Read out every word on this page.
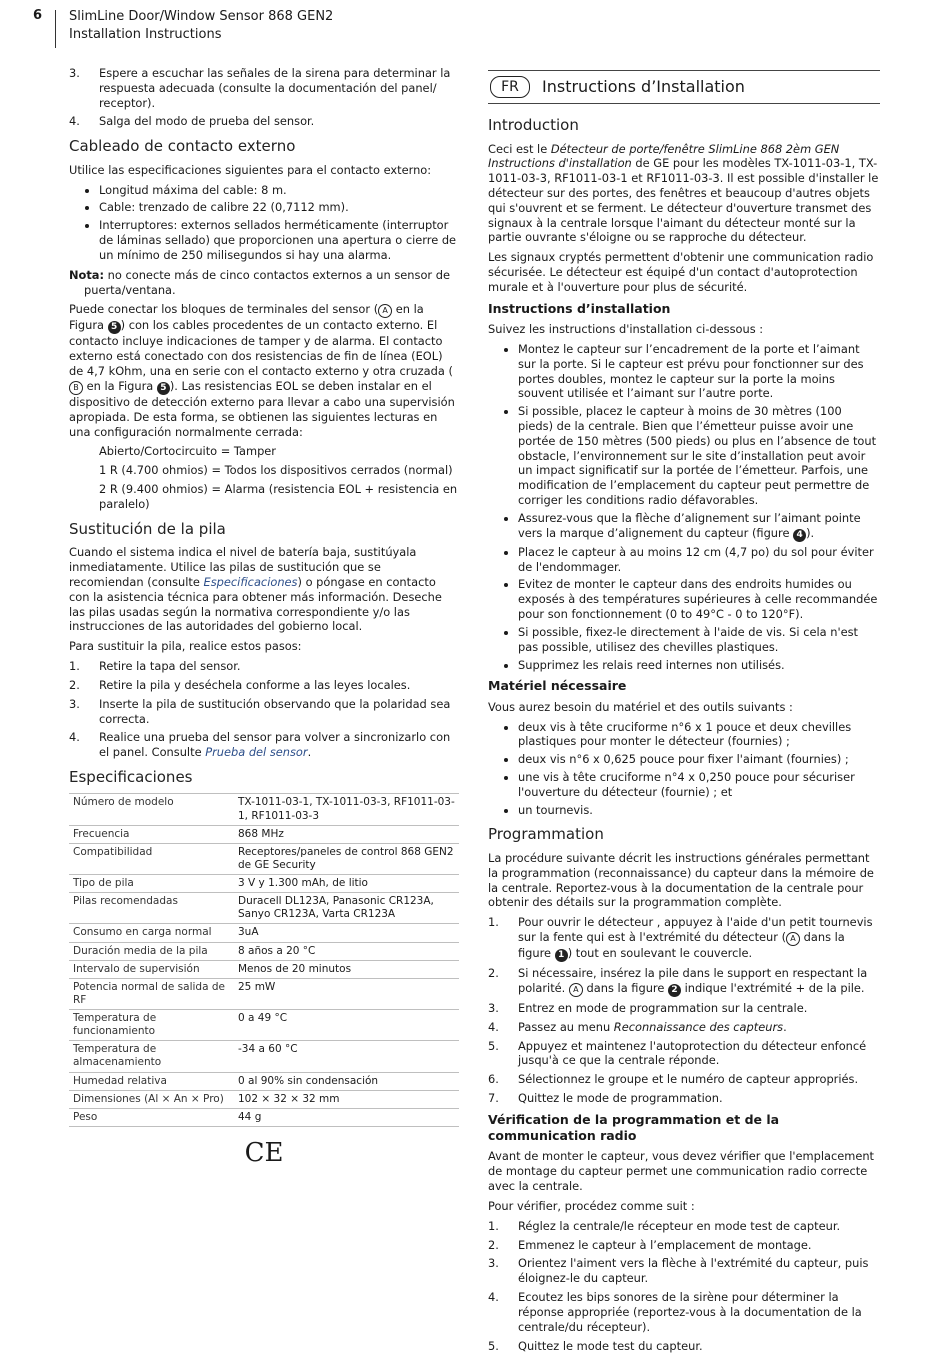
6 SlimLine Door/Window Sensor 868 GEN2
Installation Instructions
3. Espere a escuchar las señales de la sirena para determinar la respuesta adecuada (consulte la documentación del panel/ receptor).
4. Salga del modo de prueba del sensor.
Cableado de contacto externo

Utilice las especificaciones siguientes para el contacto externo:

• Longitud máxima del cable: 8 m.
• Cable: trenzado de calibre 22 (0,7112 mm).
• Interruptores: externos sellados herméticamente (interruptor de láminas sellado) que proporcionen una apertura o cierre de un mínimo de 250 milisegundos si hay una alarma.

Nota: no conecte más de cinco contactos externos a un sensor de puerta/ventana.

Puede conectar los bloques de terminales del sensor ( A en la Figura 5 ) con los cables procedentes de un contacto externo. El contacto incluye indicaciones de tamper y de alarma. El contacto externo está conectado con dos resistencias de fin de línea (EOL) de 4,7 kOhm, una en serie con el contacto externo y otra cruzada (B en la Figura 5 ). Las resistencias EOL se deben instalar en el dispositivo de detección externo para llevar a cabo una supervisión apropiada. De esta forma, se obtienen las siguientes lecturas en una configuración normalmente cerrada:

Abierto/Cortocircuito = Tamper

1 R (4.700 ohmios) = Todos los dispositivos cerrados (normal)

2 R (9.400 ohmios) = Alarma (resistencia EOL + resistencia en paralelo)

Sustitución de la pila

Cuando el sistema indica el nivel de batería baja, sustitúyala inmediatamente. Utilice las pilas de sustitución que se recomiendan (consulte Especificaciones) o póngase en contacto con la asistencia técnica para obtener más información. Deseche las pilas usadas según la normativa correspondiente y/o las instrucciones de las autoridades del gobierno local.

Para sustituir la pila, realice estos pasos:

1. Retire la tapa del sensor.
2. Retire la pila y deséchela conforme a las leyes locales.
3. Inserte la pila de sustitución observando que la polaridad sea correcta.
4. Realice una prueba del sensor para volver a sincronizarlo con el panel. Consulte Prueba del sensor.
Especificaciones
Número de modelo	TX-1011-03-1, TX-1011-03-3, RF1011-03-1, RF1011-03-3
Frecuencia	868 MHz
Compatibilidad	Receptores/paneles de control 868 GEN2 de GE Security
Tipo de pila	3 V y 1.300 mAh, de litio
Pilas recomendadas	Duracell DL123A, Panasonic CR123A, Sanyo CR123A, Varta CR123A
Consumo en carga normal	3uA
Duración media de la pila	8 años a 20 °C
Intervalo de supervisión	Menos de 20 minutos
Potencia normal de salida de RF	25 mW
Temperatura de funcionamiento	0 a 49 °C
Temperatura de almacenamiento	-34 a 60 °C
Humedad relativa	0 al 90% sin condensación
Dimensiones (Al × An × Pro)	102 × 32 × 32 mm
Peso	44 g
CE
FR	Instructions d’Installation
Introduction

Ceci est le Détecteur de porte/fenêtre SlimLine 868 2èm GEN Instructions d'installation de GE pour les modèles TX-1011-03-1, TX-1011-03-3, RF1011-03-1 et RF1011-03-3. Il est possible d'installer le détecteur sur des portes, des fenêtres et beaucoup d'autres objets qui s'ouvrent et se ferment. Le détecteur d'ouverture transmet des signaux à la centrale lorsque l'aimant du détecteur monté sur la partie ouvrante s'éloigne ou se rapproche du détecteur.

Les signaux cryptés permettent d'obtenir une communication radio sécurisée. Le détecteur est équipé d'un contact d'autoprotection murale et à l'ouverture pour plus de sécurité.

Instructions d’installation

Suivez les instructions d'installation ci-dessous :

• Montez le capteur sur l’encadrement de la porte et l’aimant sur la porte. Si le capteur est prévu pour fonctionner sur des portes doubles, montez le capteur sur la porte la moins souvent utilisée et l’aimant sur l’autre porte.
• Si possible, placez le capteur à moins de 30 mètres (100 pieds) de la centrale. Bien que l’émetteur puisse avoir une portée de 150 mètres (500 pieds) ou plus en l’absence de tout obstacle, l’environnement sur le site d’installation peut avoir un impact significatif sur la portée de l’émetteur. Parfois, une modification de l’emplacement du capteur peut permettre de corriger les conditions radio défavorables.
• Assurez-vous que la flèche d’alignement sur l’aimant pointe vers la marque d’alignement du capteur (figure 4 ).
• Placez le capteur à au moins 12 cm (4,7 po) du sol pour éviter de l'endommager.
• Evitez de monter le capteur dans des endroits humides ou exposés à des températures supérieures à celle recommandée pour son fonctionnement (0 to 49°C - 0 to 120°F).
• Si possible, fixez-le directement à l'aide de vis. Si cela n'est pas possible, utilisez des chevilles plastiques.
• Supprimez les relais reed internes non utilisés.
Matériel nécessaire

Vous aurez besoin du matériel et des outils suivants :

• deux vis à tête cruciforme n°6 x 1 pouce et deux chevilles plastiques pour monter le détecteur (fournies) ;
• deux vis n°6 x 0,625 pouce pour fixer l'aimant (fournies) ;
• une vis à tête cruciforme n°4 x 0,250 pouce pour sécuriser l'ouverture du détecteur (fournie) ; et
• un tournevis.
Programmation

La procédure suivante décrit les instructions générales permettant la programmation (reconnaissance) du capteur dans la mémoire de la centrale. Reportez-vous à la documentation de la centrale pour obtenir des détails sur la programmation complète.

1. Pour ouvrir le détecteur , appuyez à l'aide d'un petit tournevis sur la fente qui est à l'extrémité du détecteur ( A dans la figure 1 ) tout en soulevant le couvercle.
2. Si nécessaire, insérez la pile dans le support en respectant la polarité. A dans la figure 2 indique l'extrémité + de la pile.
3. Entrez en mode de programmation sur la centrale.
4. Passez au menu Reconnaissance des capteurs.
5. Appuyez et maintenez l'autoprotection du détecteur enfoncé jusqu'à ce que la centrale réponde.
6. Sélectionnez le groupe et le numéro de capteur appropriés.
7. Quittez le mode de programmation.
Vérification de la programmation et de la communication radio

Avant de monter le capteur, vous devez vérifier que l'emplacement de montage du capteur permet une communication radio correcte avec la centrale.

Pour vérifier, procédez comme suit :

1. Réglez la centrale/le récepteur en mode test de capteur.
2. Emmenez le capteur à l’emplacement de montage.
3. Orientez l'aiment vers la flèche à l'extrémité du capteur, puis éloignez-le du capteur.
4. Ecoutez les bips sonores de la sirène pour déterminer la réponse appropriée (reportez-vous à la documentation de la centrale/du récepteur).
5. Quittez le mode test du capteur.
